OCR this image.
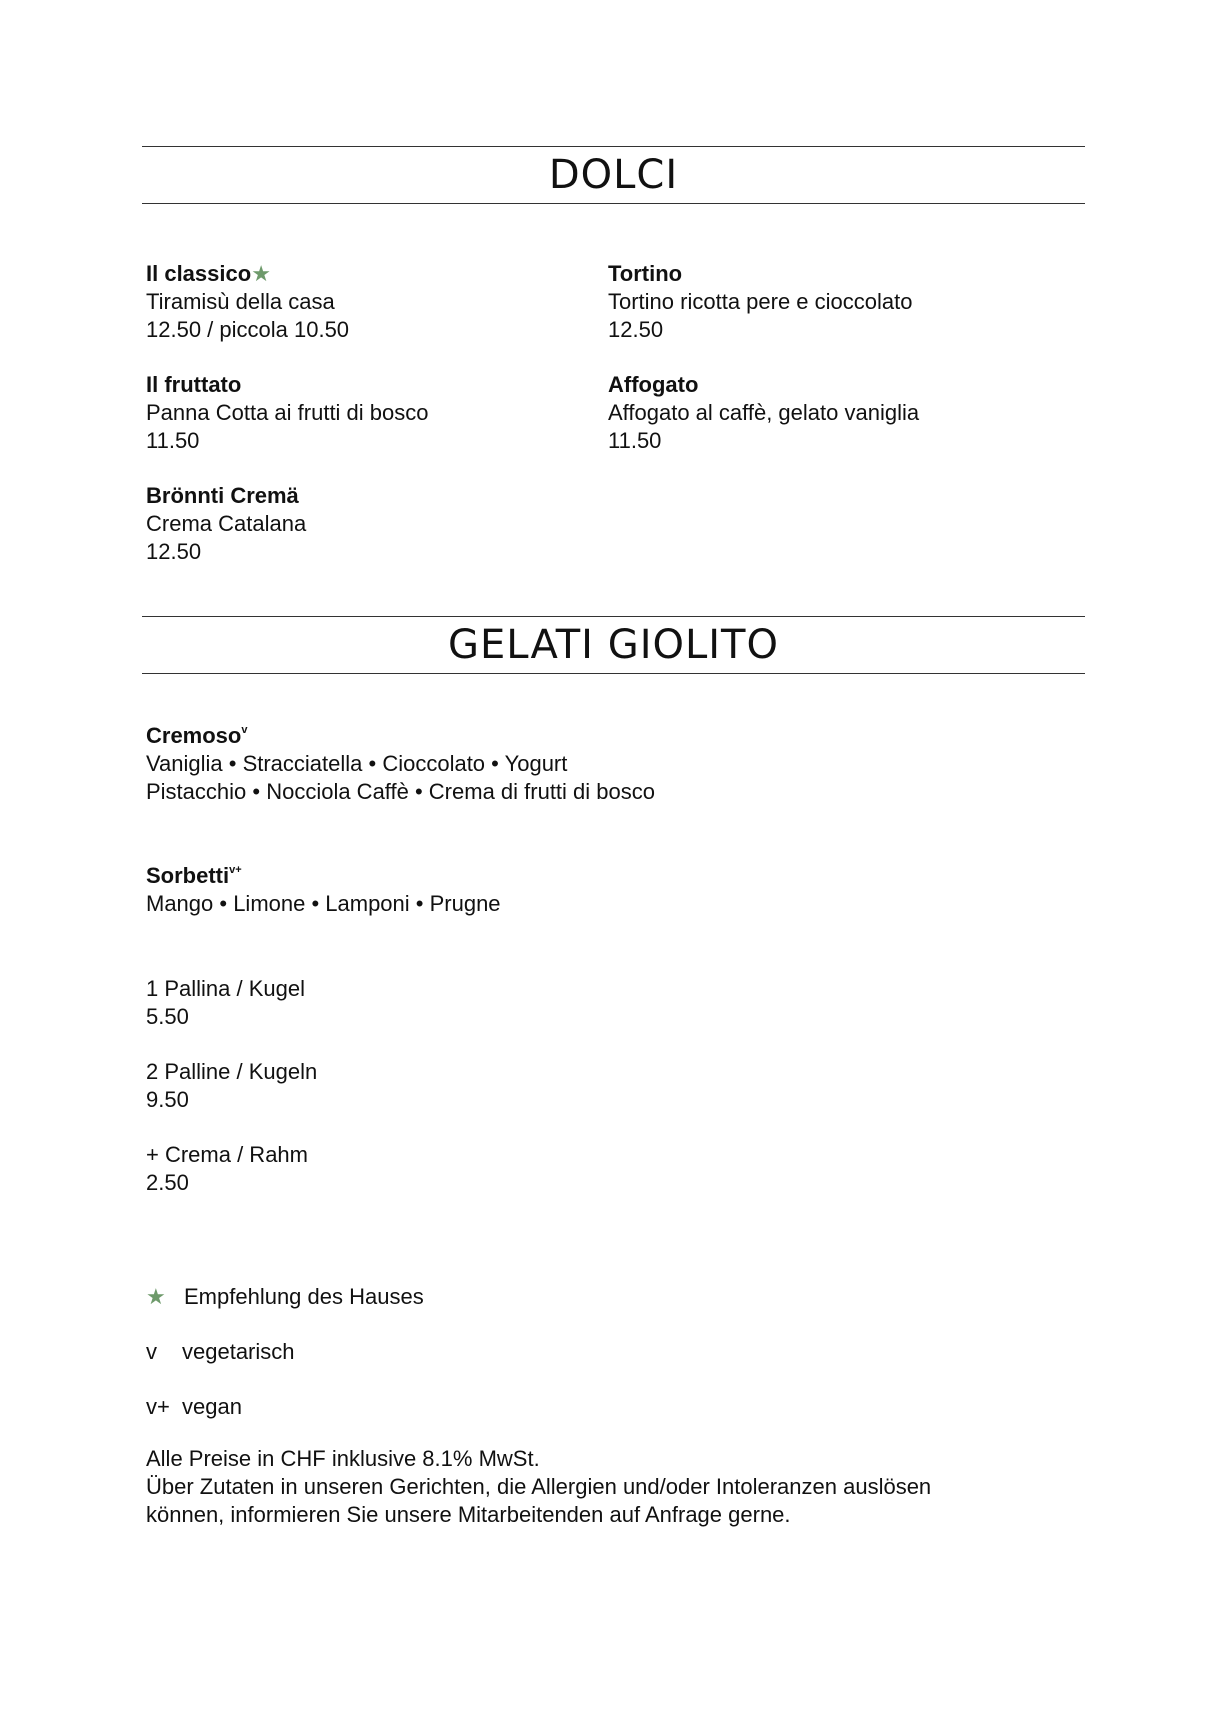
DOLCI
Il classico★
Tiramisù della casa
12.50 / piccola 10.50
Tortino
Tortino ricotta pere e cioccolato
12.50
Il fruttato
Panna Cotta ai frutti di bosco
11.50
Affogato
Affogato al caffè, gelato vaniglia
11.50
Brönnti Cremä
Crema Catalana
12.50
GELATI GIOLITO
Cremoso$^v$
Vaniglia • Stracciatella • Cioccolato • Yogurt
Pistacchio • Nocciola Caffè • Crema di frutti di bosco
Sorbetti$^{v+}$
Mango • Limone • Lamponi • Prugne
1 Pallina / Kugel
5.50
2 Palline / Kugeln
9.50
+ Crema / Rahm
2.50
★ Empfehlung des Hauses
v vegetarisch
v+ vegan
Alle Preise in CHF inklusive 8.1% MwSt.
Über Zutaten in unseren Gerichten, die Allergien und/oder Intoleranzen auslösen
können, informieren Sie unsere Mitarbeitenden auf Anfrage gerne.
